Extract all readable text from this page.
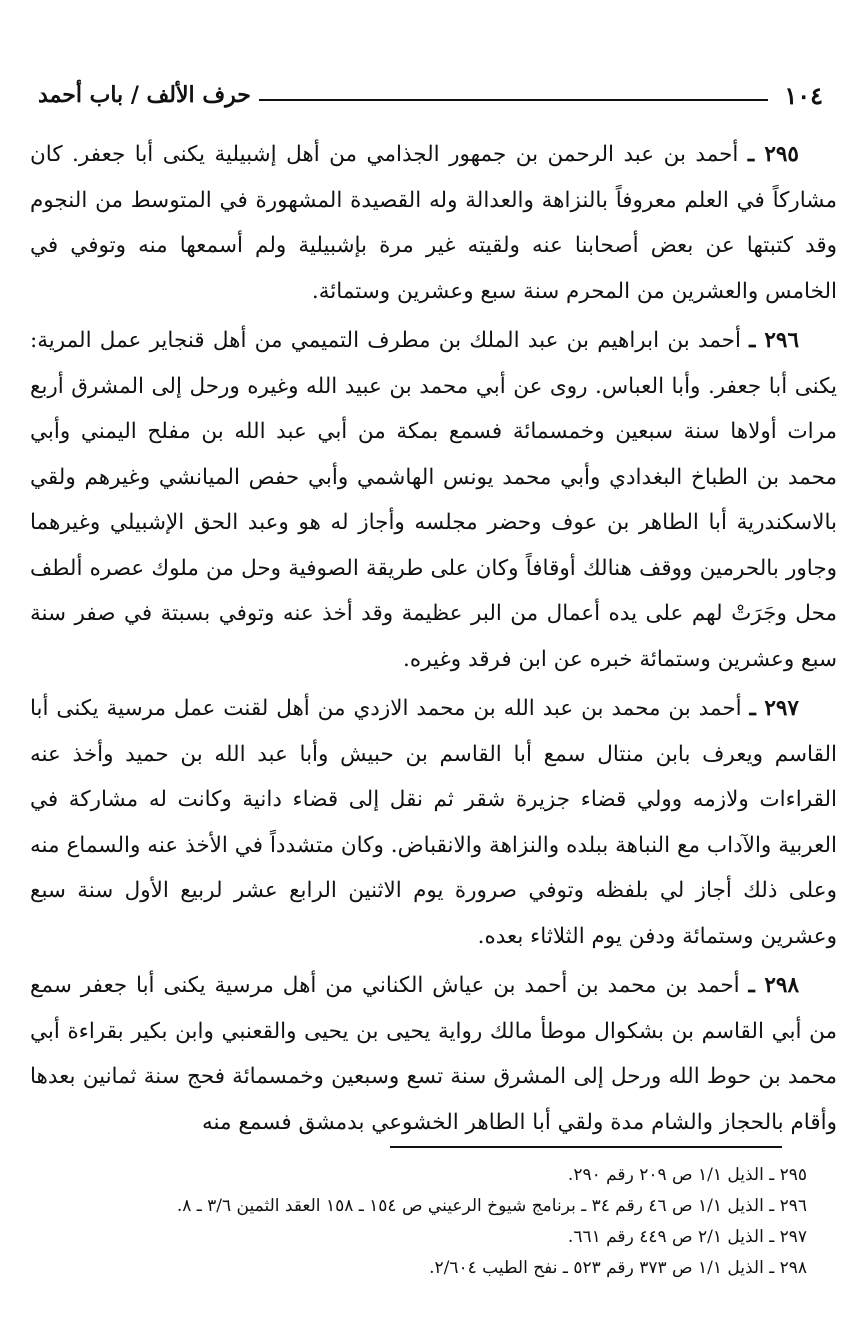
١٠٤
حرف الألف / باب أحمد

٢٩٥ ـ أحمد بن عبد الرحمن بن جمهور الجذامي من أهل إشبيلية يكنى أبا جعفر. كان مشاركاً في العلم معروفاً بالنزاهة والعدالة وله القصيدة المشهورة في المتوسط من النجوم وقد كتبتها عن بعض أصحابنا عنه ولقيته غير مرة بإشبيلية ولم أسمعها منه وتوفي في الخامس والعشرين من المحرم سنة سبع وعشرين وستمائة.

٢٩٦ ـ أحمد بن ابراهيم بن عبد الملك بن مطرف التميمي من أهل قنجاير عمل المرية: يكنى أبا جعفر. وأبا العباس. روى عن أبي محمد بن عبيد الله وغيره ورحل إلى المشرق أربع مرات أولاها سنة سبعين وخمسمائة فسمع بمكة من أبي عبد الله بن مفلح اليمني وأبي محمد بن الطباخ البغدادي وأبي محمد يونس الهاشمي وأبي حفص الميانشي وغيرهم ولقي بالاسكندرية أبا الطاهر بن عوف وحضر مجلسه وأجاز له هو وعبد الحق الإشبيلي وغيرهما وجاور بالحرمين ووقف هنالك أوقافاً وكان على طريقة الصوفية وحل من ملوك عصره ألطف محل وجَرَتْ لهم على يده أعمال من البر عظيمة وقد أخذ عنه وتوفي بسبتة في صفر سنة سبع وعشرين وستمائة خبره عن ابن فرقد وغيره.

٢٩٧ ـ أحمد بن محمد بن عبد الله بن محمد الازدي من أهل لقنت عمل مرسية يكنى أبا القاسم ويعرف بابن منتال سمع أبا القاسم بن حبيش وأبا عبد الله بن حميد وأخذ عنه القراءات ولازمه وولي قضاء جزيرة شقر ثم نقل إلى قضاء دانية وكانت له مشاركة في العربية والآداب مع النباهة ببلده والنزاهة والانقباض. وكان متشدداً في الأخذ عنه والسماع منه وعلى ذلك أجاز لي بلفظه وتوفي صرورة يوم الاثنين الرابع عشر لربيع الأول سنة سبع وعشرين وستمائة ودفن يوم الثلاثاء بعده.

٢٩٨ ـ أحمد بن محمد بن أحمد بن عياش الكناني من أهل مرسية يكنى أبا جعفر سمع من أبي القاسم بن بشكوال موطأ مالك رواية يحيى بن يحيى والقعنبي وابن بكير بقراءة أبي محمد بن حوط الله ورحل إلى المشرق سنة تسع وسبعين وخمسمائة فحج سنة ثمانين بعدها وأقام بالحجاز والشام مدة ولقي أبا الطاهر الخشوعي بدمشق فسمع منه

٢٩٥ ـ الذيل ١/١ ص ٢٠٩ رقم ٢٩٠.

٢٩٦ ـ الذيل ١/١ ص ٤٦ رقم ٣٤ ـ برنامج شيوخ الرعيني ص ١٥٤ ـ ١٥٨ العقد الثمين ٣/٦ ـ ٨.

٢٩٧ ـ الذيل ٢/١ ص ٤٤٩ رقم ٦٦١.

٢٩٨ ـ الذيل ١/١ ص ٣٧٣ رقم ٥٢٣ ـ نفح الطيب ٢/٦٠٤.
